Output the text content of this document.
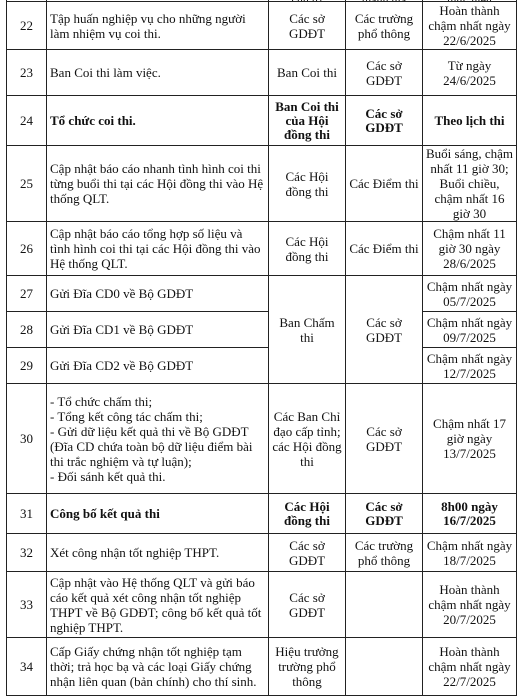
22	Tập huấn nghiệp vụ cho những người làm nhiệm vụ coi thi.	Các sở GDĐT	Các trường phổ thông	Hoàn thành chậm nhất ngày 22/6/2025
23	Ban Coi thi làm việc.	Ban Coi thi	Các sở GDĐT	Từ ngày 24/6/2025
24	Tổ chức coi thi.	Ban Coi thi của Hội đồng thi	Các sở GDĐT	Theo lịch thi
25	Cập nhật báo cáo nhanh tình hình coi thi từng buổi thi tại các Hội đồng thi vào Hệ thống QLT.	Các Hội đồng thi	Các Điểm thi	Buổi sáng, chậm nhất 11 giờ 30; Buổi chiều, chậm nhất 16 giờ 30
26	Cập nhật báo cáo tổng hợp số liệu và tình hình coi thi tại các Hội đồng thi vào Hệ thống QLT.	Các Hội đồng thi	Các Điểm thi	Chậm nhất 11 giờ 30 ngày 28/6/2025
27	Gửi Đĩa CD0 về Bộ GDĐT	Ban Chấm thi	Các sở GDĐT	Chậm nhất ngày 05/7/2025
28	Gửi Đĩa CD1 về Bộ GDĐT			Chậm nhất ngày 09/7/2025
29	Gửi Đĩa CD2 về Bộ GDĐT			Chậm nhất ngày 12/7/2025
30	- Tổ chức chấm thi;
- Tổng kết công tác chấm thi;
- Gửi dữ liệu kết quả thi về Bộ GDĐT (Đĩa CD chứa toàn bộ dữ liệu điểm bài thi trắc nghiệm và tự luận);
- Đối sánh kết quả thi.	Các Ban Chỉ đạo cấp tỉnh; các Hội đồng thi	Các sở GDĐT	Chậm nhất 17 giờ ngày 13/7/2025
31	Công bố kết quả thi	Các Hội đồng thi	Các sở GDĐT	8h00 ngày 16/7/2025
32	Xét công nhận tốt nghiệp THPT.	Các sở GDĐT	Các trường phổ thông	Chậm nhất ngày 18/7/2025
33	Cập nhật vào Hệ thống QLT và gửi báo cáo kết quả xét công nhận tốt nghiệp THPT về Bộ GDĐT; công bố kết quả tốt nghiệp THPT.	Các sở GDĐT		Hoàn thành chậm nhất ngày 20/7/2025
34	Cấp Giấy chứng nhận tốt nghiệp tạm thời; trả học bạ và các loại Giấy chứng nhận liên quan (bản chính) cho thí sinh.	Hiệu trưởng trường phổ thông		Hoàn thành chậm nhất ngày 22/7/2025
